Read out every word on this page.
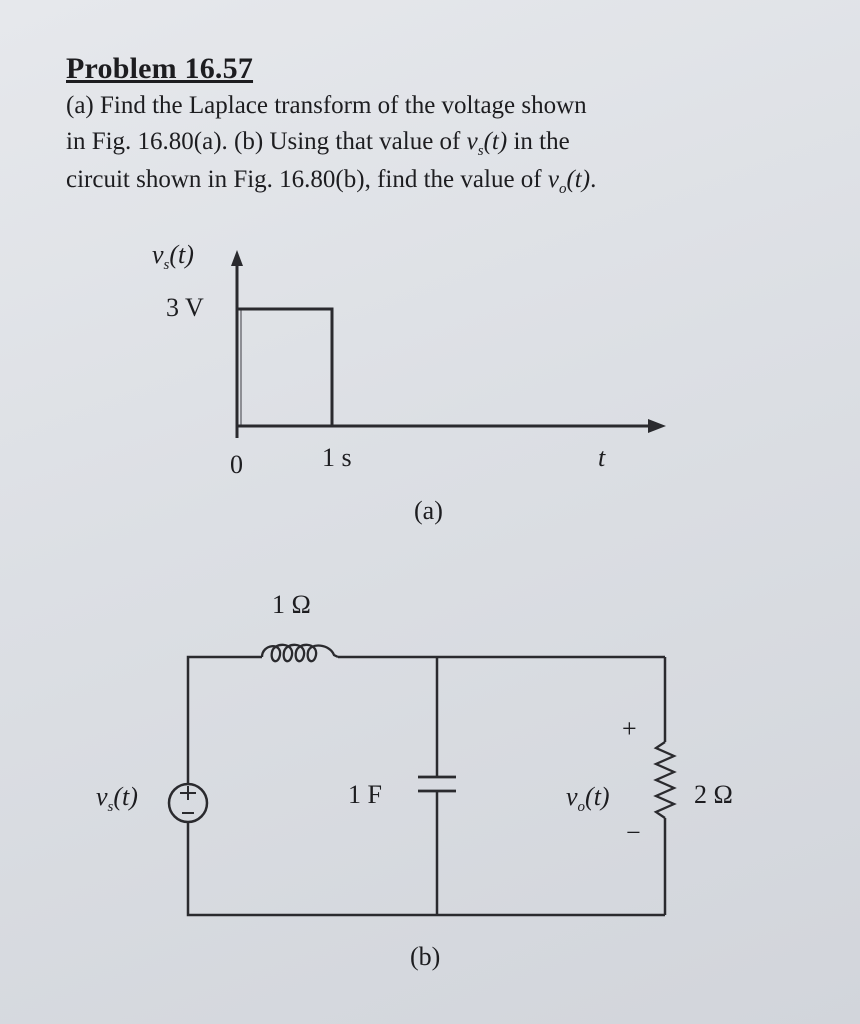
Problem 16.57
(a) Find the Laplace transform of the voltage shown
in Fig. 16.80(a). (b) Using that value of $v_s(t)$ in the
circuit shown in Fig. 16.80(b), find the value of $v_o(t)$.
$v_s(t)$
3 V
0	1 s	t
(a)
1 Ω
$v_s(t)$	1 F
+
$v_o(t)$
−
2 Ω
(b)
